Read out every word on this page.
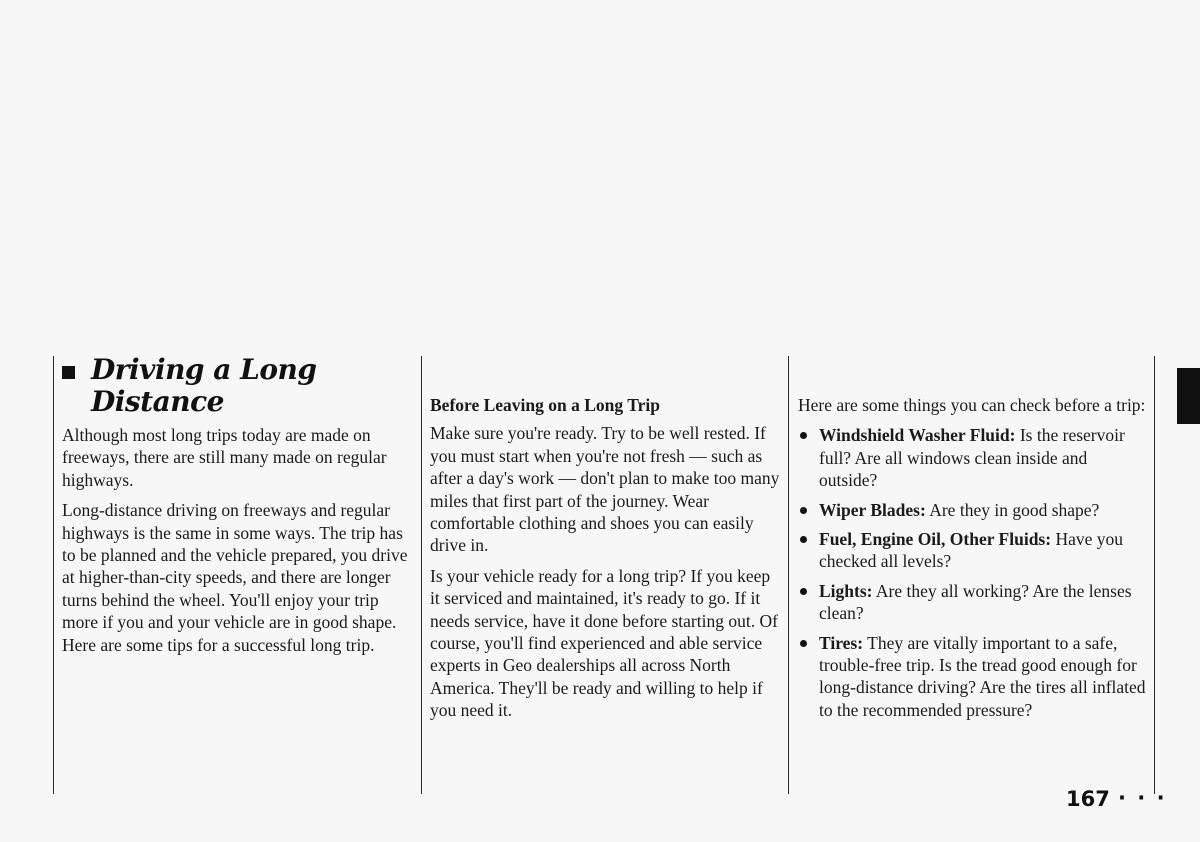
Driving a Long
Distance

Although most long trips today are made on freeways, there are still many made on regular highways.

Long-distance driving on freeways and regular highways is the same in some ways. The trip has to be planned and the vehicle prepared, you drive at higher-than-city speeds, and there are longer turns behind the wheel. You'll enjoy your trip more if you and your vehicle are in good shape. Here are some tips for a successful long trip.

Before Leaving on a Long Trip

Make sure you're ready. Try to be well rested. If you must start when you're not fresh — such as after a day's work — don't plan to make too many miles that first part of the journey. Wear comfortable clothing and shoes you can easily drive in.

Is your vehicle ready for a long trip? If you keep it serviced and maintained, it's ready to go. If it needs service, have it done before starting out. Of course, you'll find experienced and able service experts in Geo dealerships all across North America. They'll be ready and willing to help if you need it.

Here are some things you can check before a trip:

Windshield Washer Fluid: Is the reservoir full? Are all windows clean inside and outside?
Wiper Blades: Are they in good shape?
Fuel, Engine Oil, Other Fluids: Have you checked all levels?
Lights: Are they all working? Are the lenses clean?
Tires: They are vitally important to a safe, trouble-free trip. Is the tread good enough for long-distance driving? Are the tires all inflated to the recommended pressure?
167 · · ·
